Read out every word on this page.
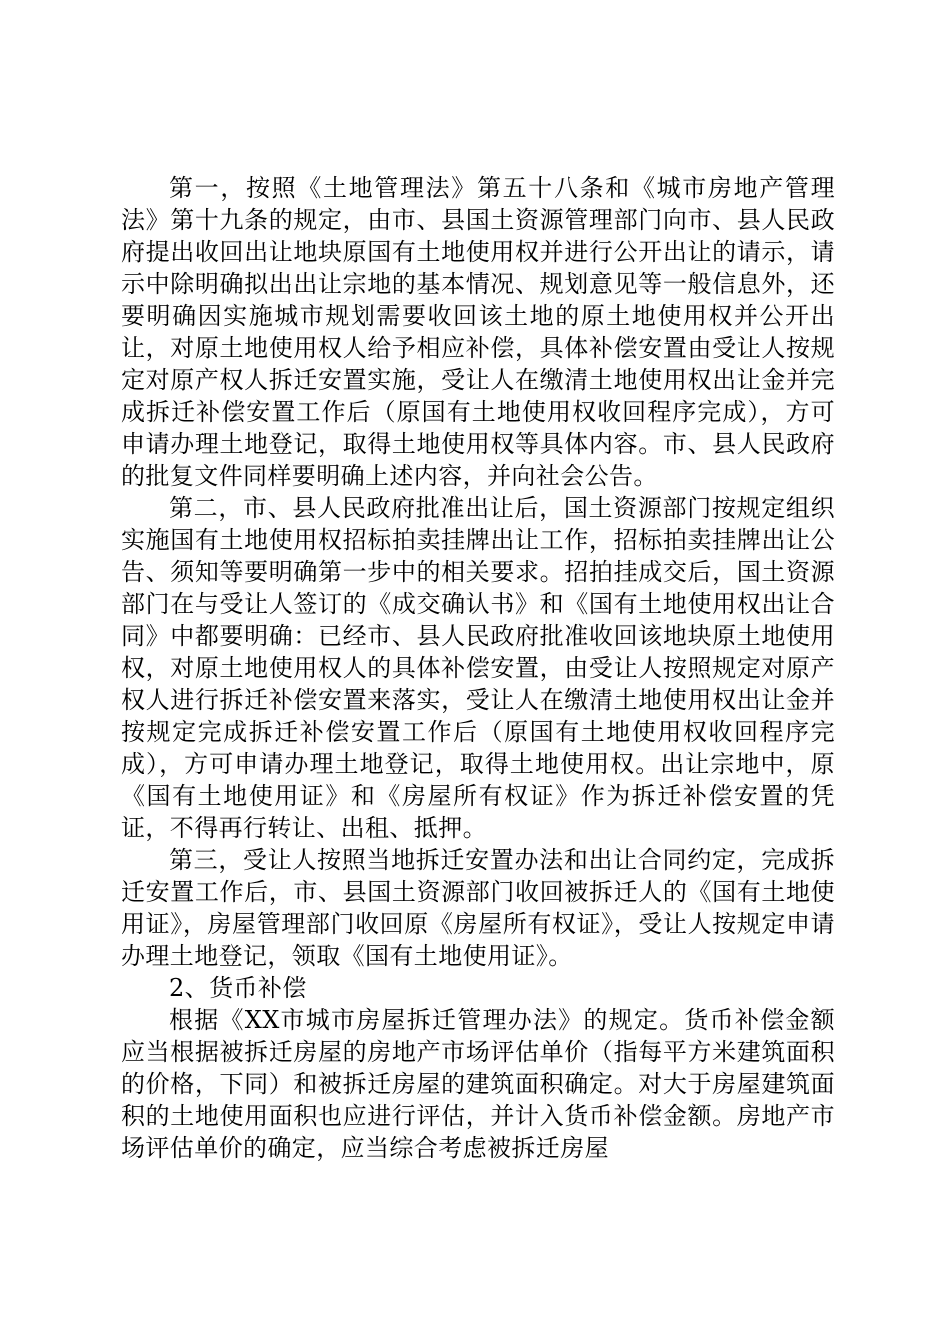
第一，按照《土地管理法》第五十八条和《城市房地产管理法》第十九条的规定，由市、县国土资源管理部门向市、县人民政府提出收回出让地块原国有土地使用权并进行公开出让的请示，请示中除明确拟出出让宗地的基本情况、规划意见等一般信息外，还要明确因实施城市规划需要收回该土地的原土地使用权并公开出让，对原土地使用权人给予相应补偿，具体补偿安置由受让人按规定对原产权人拆迁安置实施，受让人在缴清土地使用权出让金并完成拆迁补偿安置工作后（原国有土地使用权收回程序完成），方可申请办理土地登记，取得土地使用权等具体内容。市、县人民政府的批复文件同样要明确上述内容，并向社会公告。

第二，市、县人民政府批准出让后，国土资源部门按规定组织实施国有土地使用权招标拍卖挂牌出让工作，招标拍卖挂牌出让公告、须知等要明确第一步中的相关要求。招拍挂成交后，国土资源部门在与受让人签订的《成交确认书》和《国有土地使用权出让合同》中都要明确：已经市、县人民政府批准收回该地块原土地使用权，对原土地使用权人的具体补偿安置，由受让人按照规定对原产权人进行拆迁补偿安置来落实，受让人在缴清土地使用权出让金并按规定完成拆迁补偿安置工作后（原国有土地使用权收回程序完成），方可申请办理土地登记，取得土地使用权。出让宗地中，原《国有土地使用证》和《房屋所有权证》作为拆迁补偿安置的凭证，不得再行转让、出租、抵押。

第三，受让人按照当地拆迁安置办法和出让合同约定，完成拆迁安置工作后，市、县国土资源部门收回被拆迁人的《国有土地使用证》，房屋管理部门收回原《房屋所有权证》，受让人按规定申请办理土地登记，领取《国有土地使用证》。

2、货币补偿

根据《XX市城市房屋拆迁管理办法》的规定。货币补偿金额应当根据被拆迁房屋的房地产市场评估单价（指每平方米建筑面积的价格，下同）和被拆迁房屋的建筑面积确定。对大于房屋建筑面积的土地使用面积也应进行评估，并计入货币补偿金额。房地产市场评估单价的确定，应当综合考虑被拆迁房屋
